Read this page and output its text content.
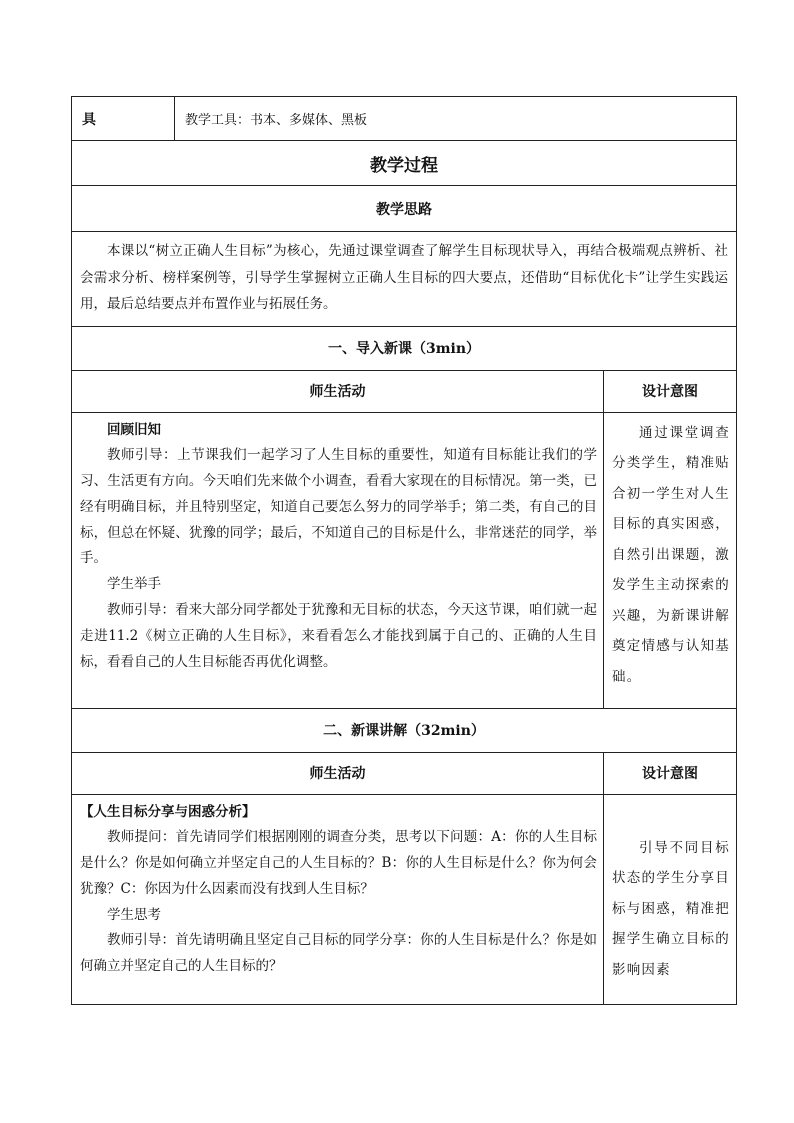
具	教学工具：书本、多媒体、黑板	
教学过程		
教学思路		

本课以“树立正确人生目标”为核心，先通过课堂调查了解学生目标现状导入，再结合极端观点辨析、社会需求分析、榜样案例等，引导学生掌握树立正确人生目标的四大要点，还借助“目标优化卡”让学生实践运用，最后总结要点并布置作业与拓展任务。		

一、导入新课（3min）		
师生活动		设计意图

回顾旧知

教师引导：上节课我们一起学习了人生目标的重要性，知道有目标能让我们的学习、生活更有方向。今天咱们先来做个小调查，看看大家现在的目标情况。第一类，已经有明确目标，并且特别坚定，知道自己要怎么努力的同学举手；第二类，有自己的目标，但总在怀疑、犹豫的同学；最后，不知道自己的目标是什么，非常迷茫的同学，举手。

学生举手

教师引导：看来大部分同学都处于犹豫和无目标的状态，今天这节课，咱们就一起走进11.2《树立正确的人生目标》，来看看怎么才能找到属于自己的、正确的人生目标，看看自己的人生目标能否再优化调整。		通过课堂调查分类学生，精准贴合初一学生对人生目标的真实困惑，自然引出课题，激发学生主动探索的兴趣，为新课讲解奠定情感与认知基础。

二、新课讲解（32min）		
师生活动		设计意图

【人生目标分享与困惑分析】

教师提问：首先请同学们根据刚刚的调查分类，思考以下问题：A：你的人生目标是什么？你是如何确立并坚定自己的人生目标的？B：你的人生目标是什么？你为何会犹豫？C：你因为什么因素而没有找到人生目标？

学生思考

教师引导：首先请明确且坚定自己目标的同学分享：你的人生目标是什么？你是如何确立并坚定自己的人生目标的？		引导不同目标状态的学生分享目标与困惑，精准把握学生确立目标的影响因素
